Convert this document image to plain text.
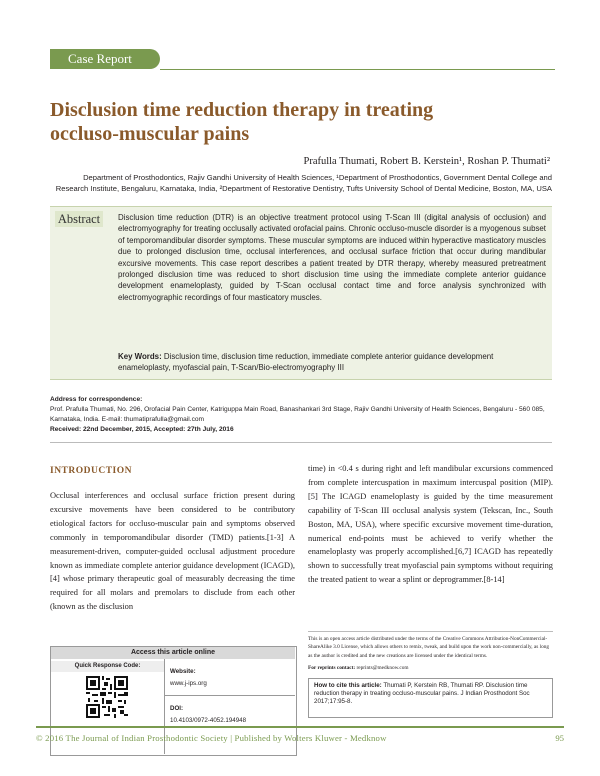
Case Report
Disclusion time reduction therapy in treating occluso-muscular pains
Prafulla Thumati, Robert B. Kerstein¹, Roshan P. Thumati²
Department of Prosthodontics, Rajiv Gandhi University of Health Sciences, ¹Department of Prosthodontics, Government Dental College and Research Institute, Bengaluru, Karnataka, India, ²Department of Restorative Dentistry, Tufts University School of Dental Medicine, Boston, MA, USA
Abstract	Disclusion time reduction (DTR) is an objective treatment protocol using T-Scan III (digital analysis of occlusion) and electromyography for treating occlusally activated orofacial pains. Chronic occluso-muscle disorder is a myogenous subset of temporomandibular disorder symptoms. These muscular symptoms are induced within hyperactive masticatory muscles due to prolonged disclusion time, occlusal interferences, and occlusal surface friction that occur during mandibular excursive movements. This case report describes a patient treated by DTR therapy, whereby measured pretreatment prolonged disclusion time was reduced to short disclusion time using the immediate complete anterior guidance development enameloplasty, guided by T-Scan occlusal contact time and force analysis synchronized with electromyographic recordings of four masticatory muscles.
Key Words: Disclusion time, disclusion time reduction, immediate complete anterior guidance development enameloplasty, myofascial pain, T-Scan/Bio-electromyography III
Address for correspondence:
Prof. Prafulla Thumati, No. 296, Orofacial Pain Center, Katriguppa Main Road, Banashankari 3rd Stage, Rajiv Gandhi University of Health Sciences, Bengaluru - 560 085, Karnataka, India. E-mail: thumatiprafulla@gmail.com
Received: 22nd December, 2015, Accepted: 27th July, 2016
INTRODUCTION
Occlusal interferences and occlusal surface friction present during excursive movements have been considered to be contributory etiological factors for occluso-muscular pain and symptoms observed commonly in temporomandibular disorder (TMD) patients.[1-3] A measurement-driven, computer-guided occlusal adjustment procedure known as immediate complete anterior guidance development (ICAGD),[4] whose primary therapeutic goal of measurably decreasing the time required for all molars and premolars to disclude from each other (known as the disclusion
time) in <0.4 s during right and left mandibular excursions commenced from complete intercuspation in maximum intercuspal position (MIP).[5] The ICAGD enameloplasty is guided by the time measurement capability of T-Scan III occlusal analysis system (Tekscan, Inc., South Boston, MA, USA), where specific excursive movement time-duration, numerical end-points must be achieved to verify whether the enameloplasty was properly accomplished.[6,7] ICAGD has repeatedly shown to successfully treat myofascial pain symptoms without requiring the treated patient to wear a splint or deprogrammer.[8-14]
Access this article online
Quick Response Code:
Website:
www.j-ips.org
DOI:
10.4103/0972-4052.194948
This is an open access article distributed under the terms of the Creative Commons Attribution-NonCommercial-ShareAlike 3.0 License, which allows others to remix, tweak, and build upon the work non-commercially, as long as the author is credited and the new creations are licensed under the identical terms.
For reprints contact: reprints@medknow.com
How to cite this article: Thumati P, Kerstein RB, Thumati RP. Disclusion time reduction therapy in treating occluso-muscular pains. J Indian Prosthodont Soc 2017;17:95-8.
© 2016 The Journal of Indian Prosthodontic Society | Published by Wolters Kluwer - Medknow	95
